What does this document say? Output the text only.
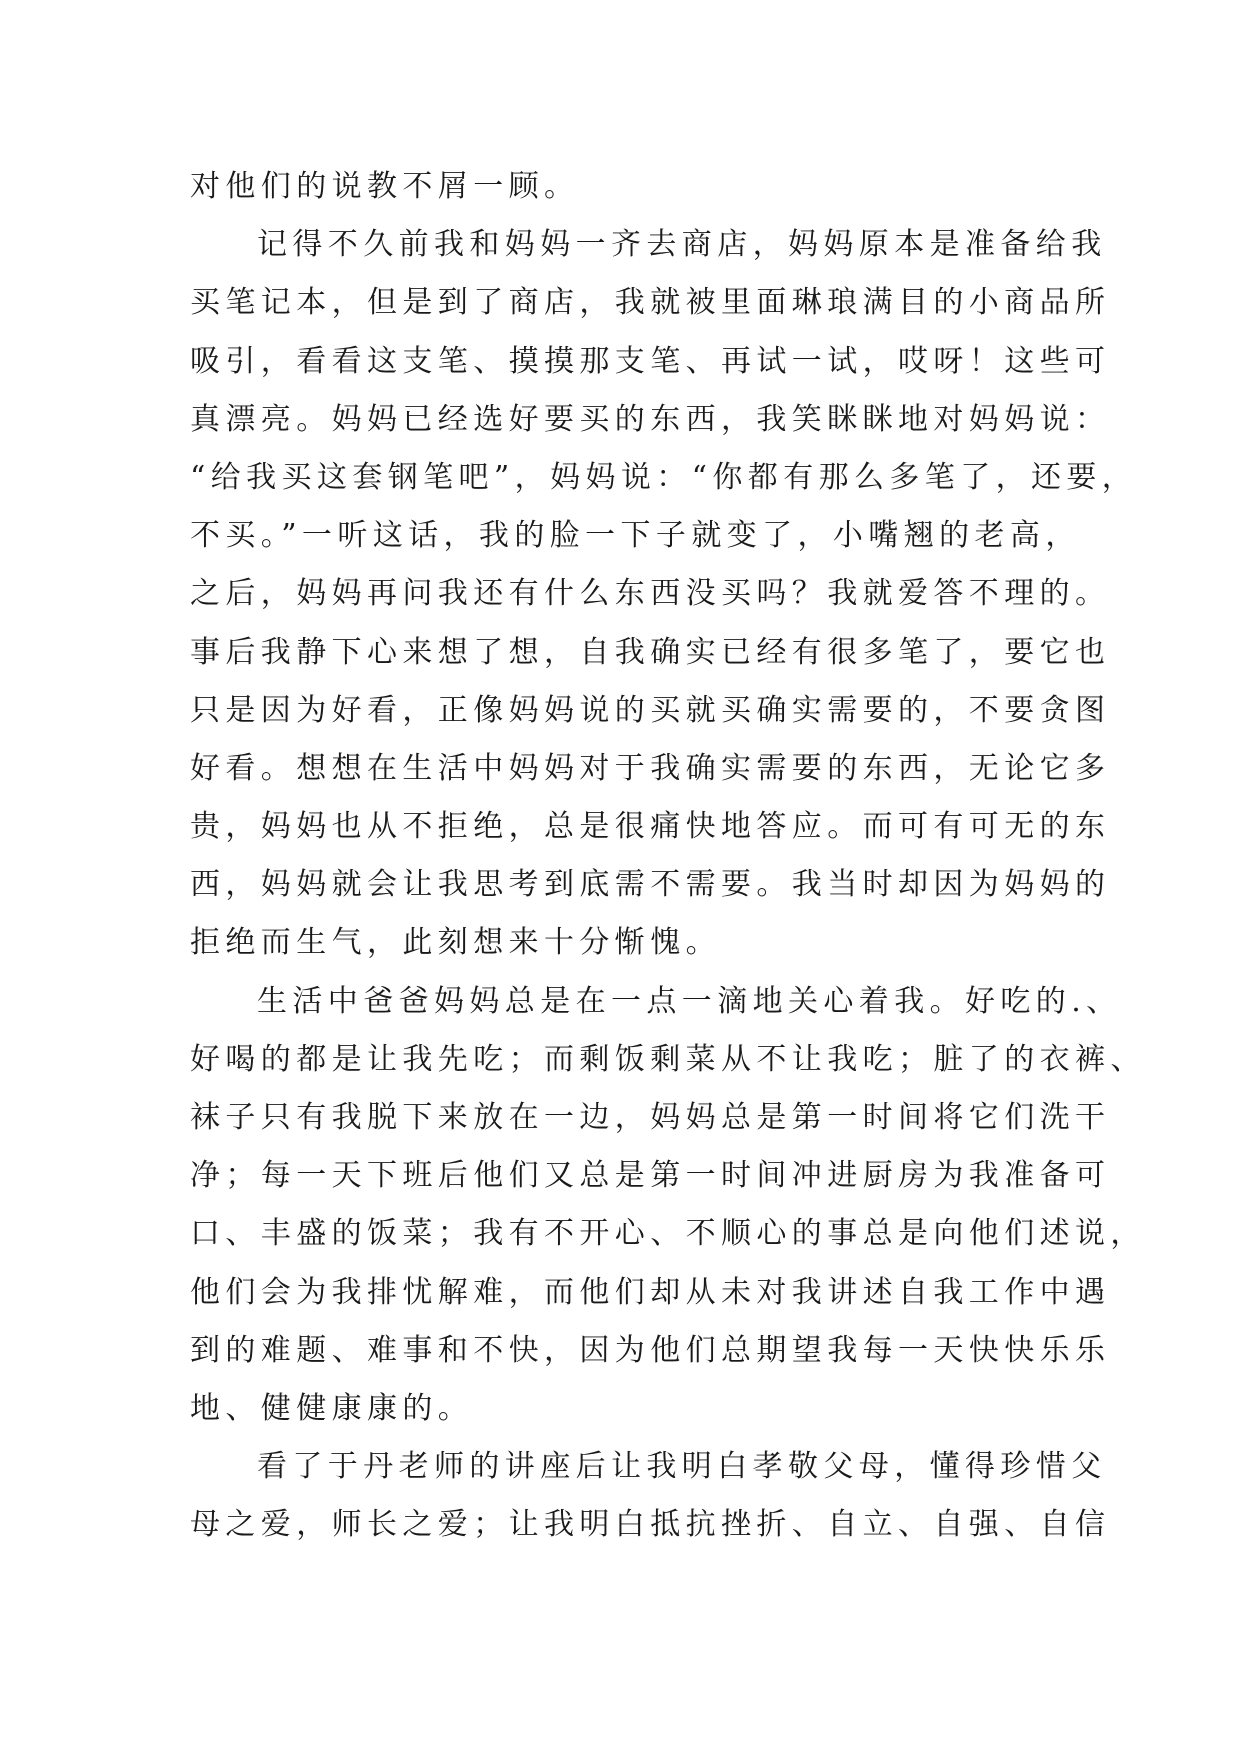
对他们的说教不屑一顾。
记得不久前我和妈妈一齐去商店，妈妈原本是准备给我
买笔记本，但是到了商店，我就被里面琳琅满目的小商品所
吸引，看看这支笔、摸摸那支笔、再试一试，哎呀！这些可
真漂亮。妈妈已经选好要买的东西，我笑眯眯地对妈妈说：
“给我买这套钢笔吧”，妈妈说：“你都有那么多笔了，还要，
不买。”一听这话，我的脸一下子就变了，小嘴翘的老高，
之后，妈妈再问我还有什么东西没买吗？我就爱答不理的。
事后我静下心来想了想，自我确实已经有很多笔了，要它也
只是因为好看，正像妈妈说的买就买确实需要的，不要贪图
好看。想想在生活中妈妈对于我确实需要的东西，无论它多
贵，妈妈也从不拒绝，总是很痛快地答应。而可有可无的东
西，妈妈就会让我思考到底需不需要。我当时却因为妈妈的
拒绝而生气，此刻想来十分惭愧。
生活中爸爸妈妈总是在一点一滴地关心着我。好吃的.、
好喝的都是让我先吃；而剩饭剩菜从不让我吃；脏了的衣裤、
袜子只有我脱下来放在一边，妈妈总是第一时间将它们洗干
净；每一天下班后他们又总是第一时间冲进厨房为我准备可
口、丰盛的饭菜；我有不开心、不顺心的事总是向他们述说，
他们会为我排忧解难，而他们却从未对我讲述自我工作中遇
到的难题、难事和不快，因为他们总期望我每一天快快乐乐
地、健健康康的。
看了于丹老师的讲座后让我明白孝敬父母，懂得珍惜父
母之爱，师长之爱；让我明白抵抗挫折、自立、自强、自信
